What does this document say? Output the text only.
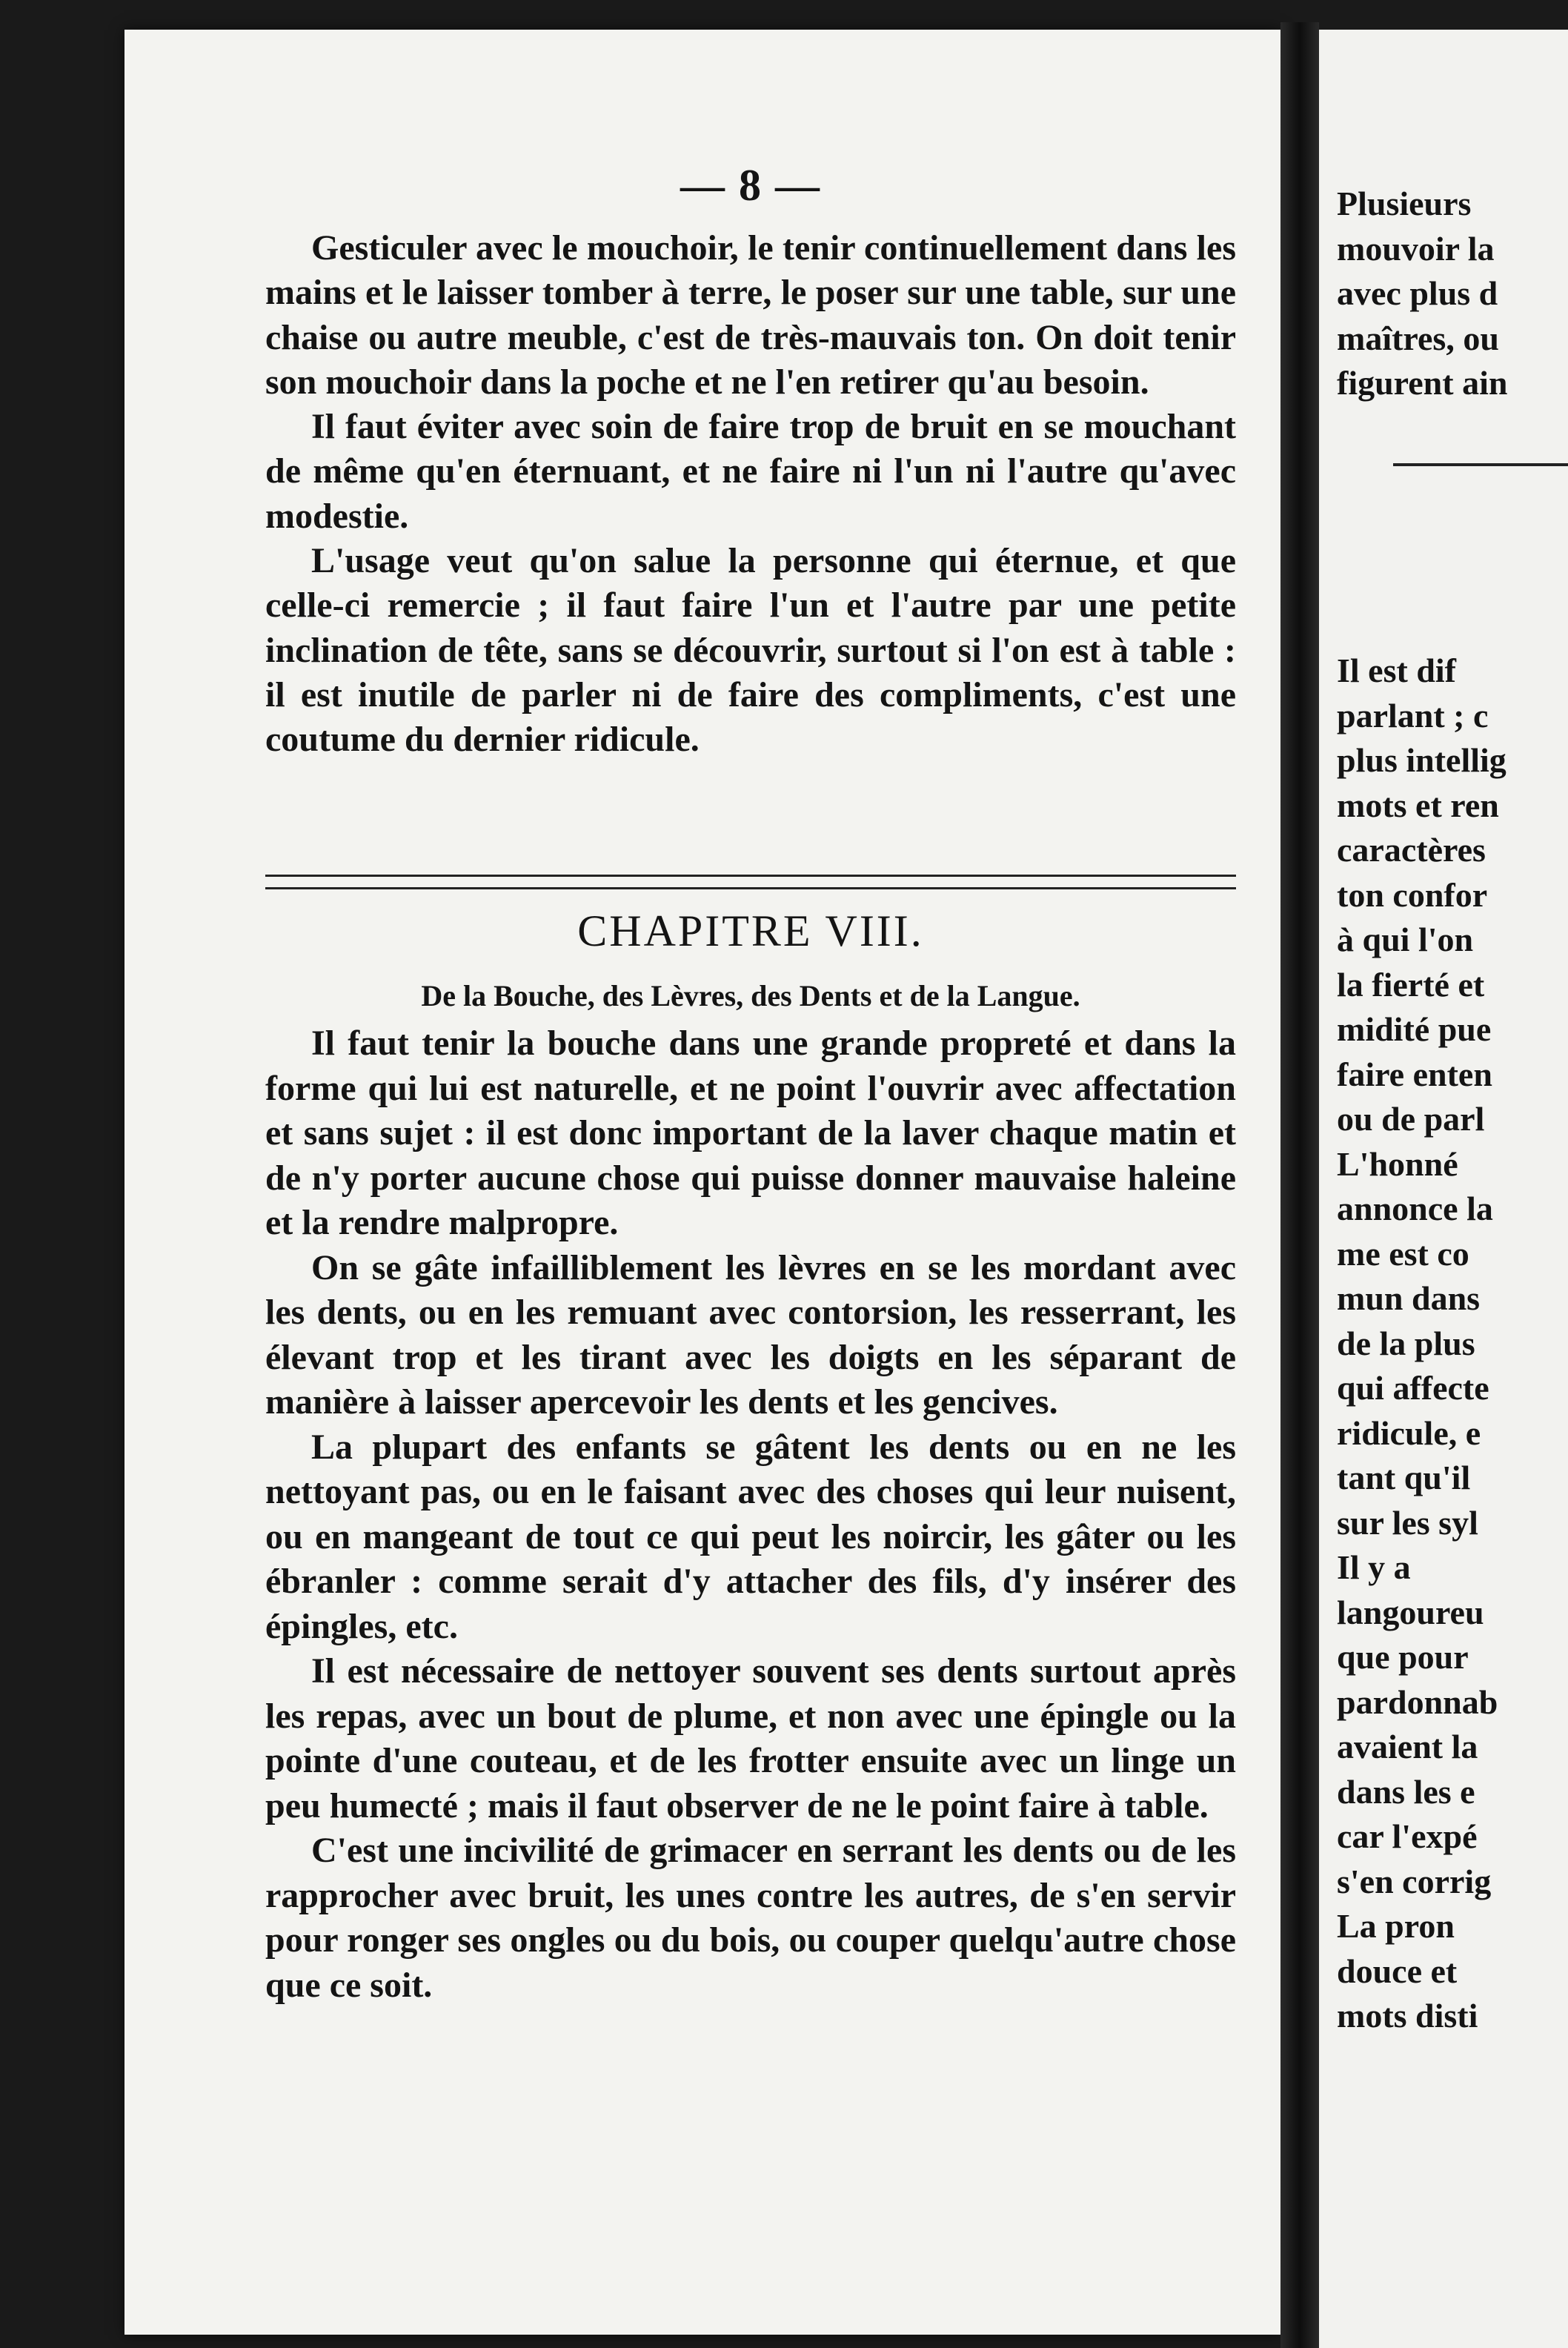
— 8 —

Gesticuler avec le mouchoir, le tenir continuellement dans les mains et le laisser tomber à terre, le poser sur une table, sur une chaise ou autre meuble, c'est de très-mauvais ton. On doit tenir son mouchoir dans la poche et ne l'en retirer qu'au besoin.

Il faut éviter avec soin de faire trop de bruit en se mouchant de même qu'en éternuant, et ne faire ni l'un ni l'autre qu'avec modestie.

L'usage veut qu'on salue la personne qui éternue, et que celle-ci remercie ; il faut faire l'un et l'autre par une petite inclination de tête, sans se découvrir, surtout si l'on est à table : il est inutile de parler ni de faire des compliments, c'est une coutume du dernier ridicule.

CHAPITRE VIII.
De la Bouche, des Lèvres, des Dents et de la Langue.

Il faut tenir la bouche dans une grande propreté et dans la forme qui lui est naturelle, et ne point l'ouvrir avec affectation et sans sujet : il est donc important de la laver chaque matin et de n'y porter aucune chose qui puisse donner mauvaise haleine et la rendre malpropre.

On se gâte infailliblement les lèvres en se les mordant avec les dents, ou en les remuant avec contorsion, les resserrant, les élevant trop et les tirant avec les doigts en les séparant de manière à laisser apercevoir les dents et les gencives.

La plupart des enfants se gâtent les dents ou en ne les nettoyant pas, ou en le faisant avec des choses qui leur nuisent, ou en mangeant de tout ce qui peut les noircir, les gâter ou les ébranler : comme serait d'y attacher des fils, d'y insérer des épingles, etc.

Il est nécessaire de nettoyer souvent ses dents surtout après les repas, avec un bout de plume, et non avec une épingle ou la pointe d'une couteau, et de les frotter ensuite avec un linge un peu humecté ; mais il faut observer de ne le point faire à table.

C'est une incivilité de grimacer en serrant les dents ou de les rapprocher avec bruit, les unes contre les autres, de s'en servir pour ronger ses ongles ou du bois, ou couper quelqu'autre chose que ce soit.

Plusieurs
mouvoir la
avec plus d
maîtres, ou
figurent ain
Il est dif
parlant ; c
plus intellig
mots et ren
caractères
ton confor
à qui l'on
la fierté et
midité pue
faire enten
ou de parl
L'honné
annonce la
me est co
mun dans
de la plus
qui affecte
ridicule, e
tant qu'il
sur les syl
Il y a
langoureu
que pour
pardonnab
avaient la
dans les e
car l'expé
s'en corrig
La pron
douce et
mots disti
